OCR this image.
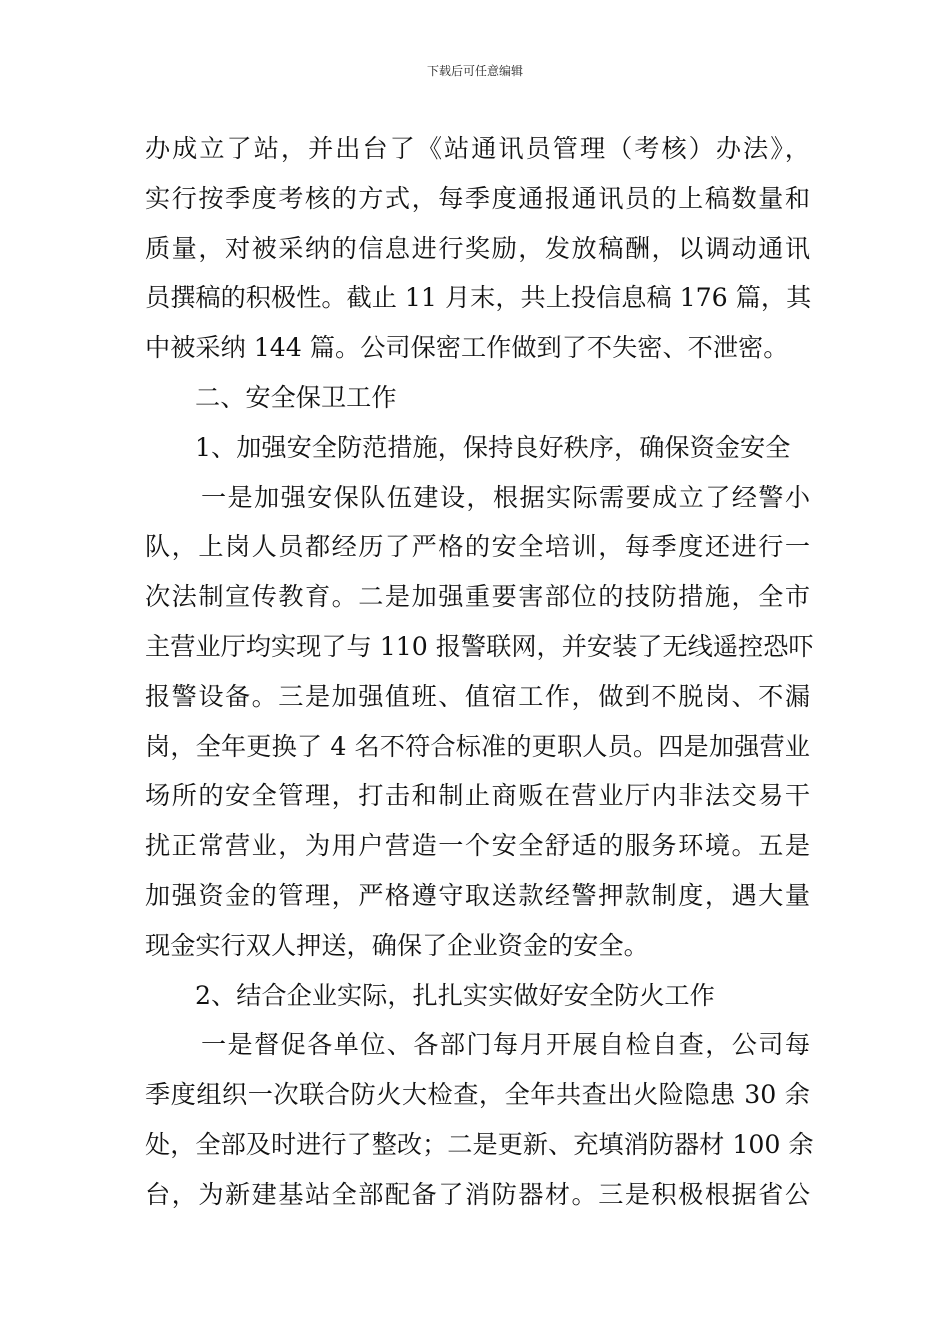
下载后可任意编辑
办成立了站，并出台了《站通讯员管理（考核）办法》，
实行按季度考核的方式，每季度通报通讯员的上稿数量和
质量，对被采纳的信息进行奖励，发放稿酬，以调动通讯
员撰稿的积极性。截止 11 月末，共上投信息稿 176 篇，其
中被采纳 144 篇。公司保密工作做到了不失密、不泄密。
二、安全保卫工作
1、加强安全防范措施，保持良好秩序，确保资金安全
一是加强安保队伍建设，根据实际需要成立了经警小
队，上岗人员都经历了严格的安全培训，每季度还进行一
次法制宣传教育。二是加强重要害部位的技防措施，全市
主营业厅均实现了与 110 报警联网，并安装了无线遥控恐吓
报警设备。三是加强值班、值宿工作，做到不脱岗、不漏
岗，全年更换了 4 名不符合标准的更职人员。四是加强营业
场所的安全管理，打击和制止商贩在营业厅内非法交易干
扰正常营业，为用户营造一个安全舒适的服务环境。五是
加强资金的管理，严格遵守取送款经警押款制度，遇大量
现金实行双人押送，确保了企业资金的安全。
2、结合企业实际，扎扎实实做好安全防火工作
一是督促各单位、各部门每月开展自检自查，公司每
季度组织一次联合防火大检查，全年共查出火险隐患 30 余
处，全部及时进行了整改；二是更新、充填消防器材 100 余
台，为新建基站全部配备了消防器材。三是积极根据省公
